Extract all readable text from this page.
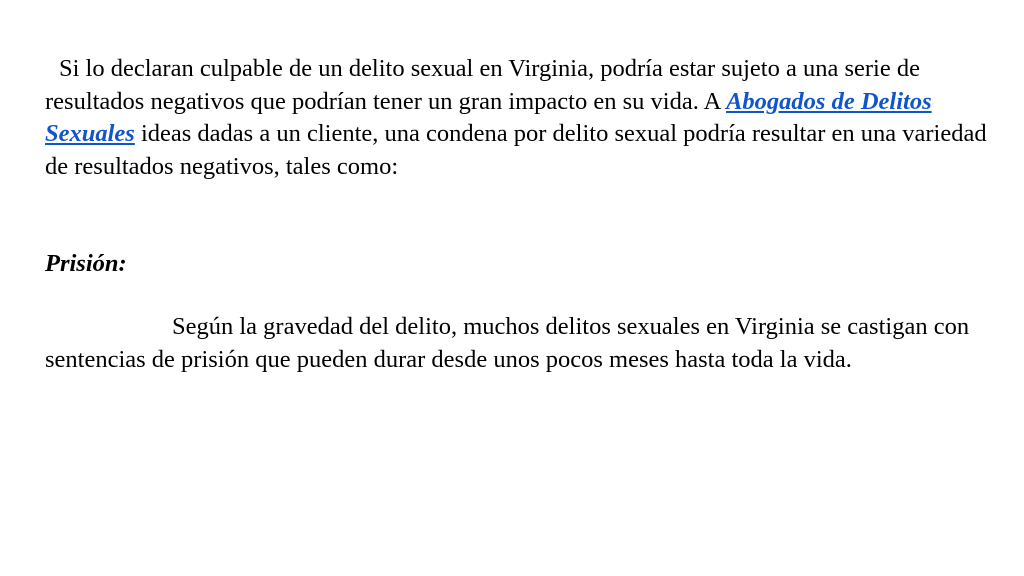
Si lo declaran culpable de un delito sexual en Virginia, podría estar sujeto a una serie de resultados negativos que podrían tener un gran impacto en su vida. A Abogados de Delitos Sexuales ideas dadas a un cliente, una condena por delito sexual podría resultar en una variedad de resultados negativos, tales como:

Prisión:

Según la gravedad del delito, muchos delitos sexuales en Virginia se castigan con sentencias de prisión que pueden durar desde unos pocos meses hasta toda la vida.
